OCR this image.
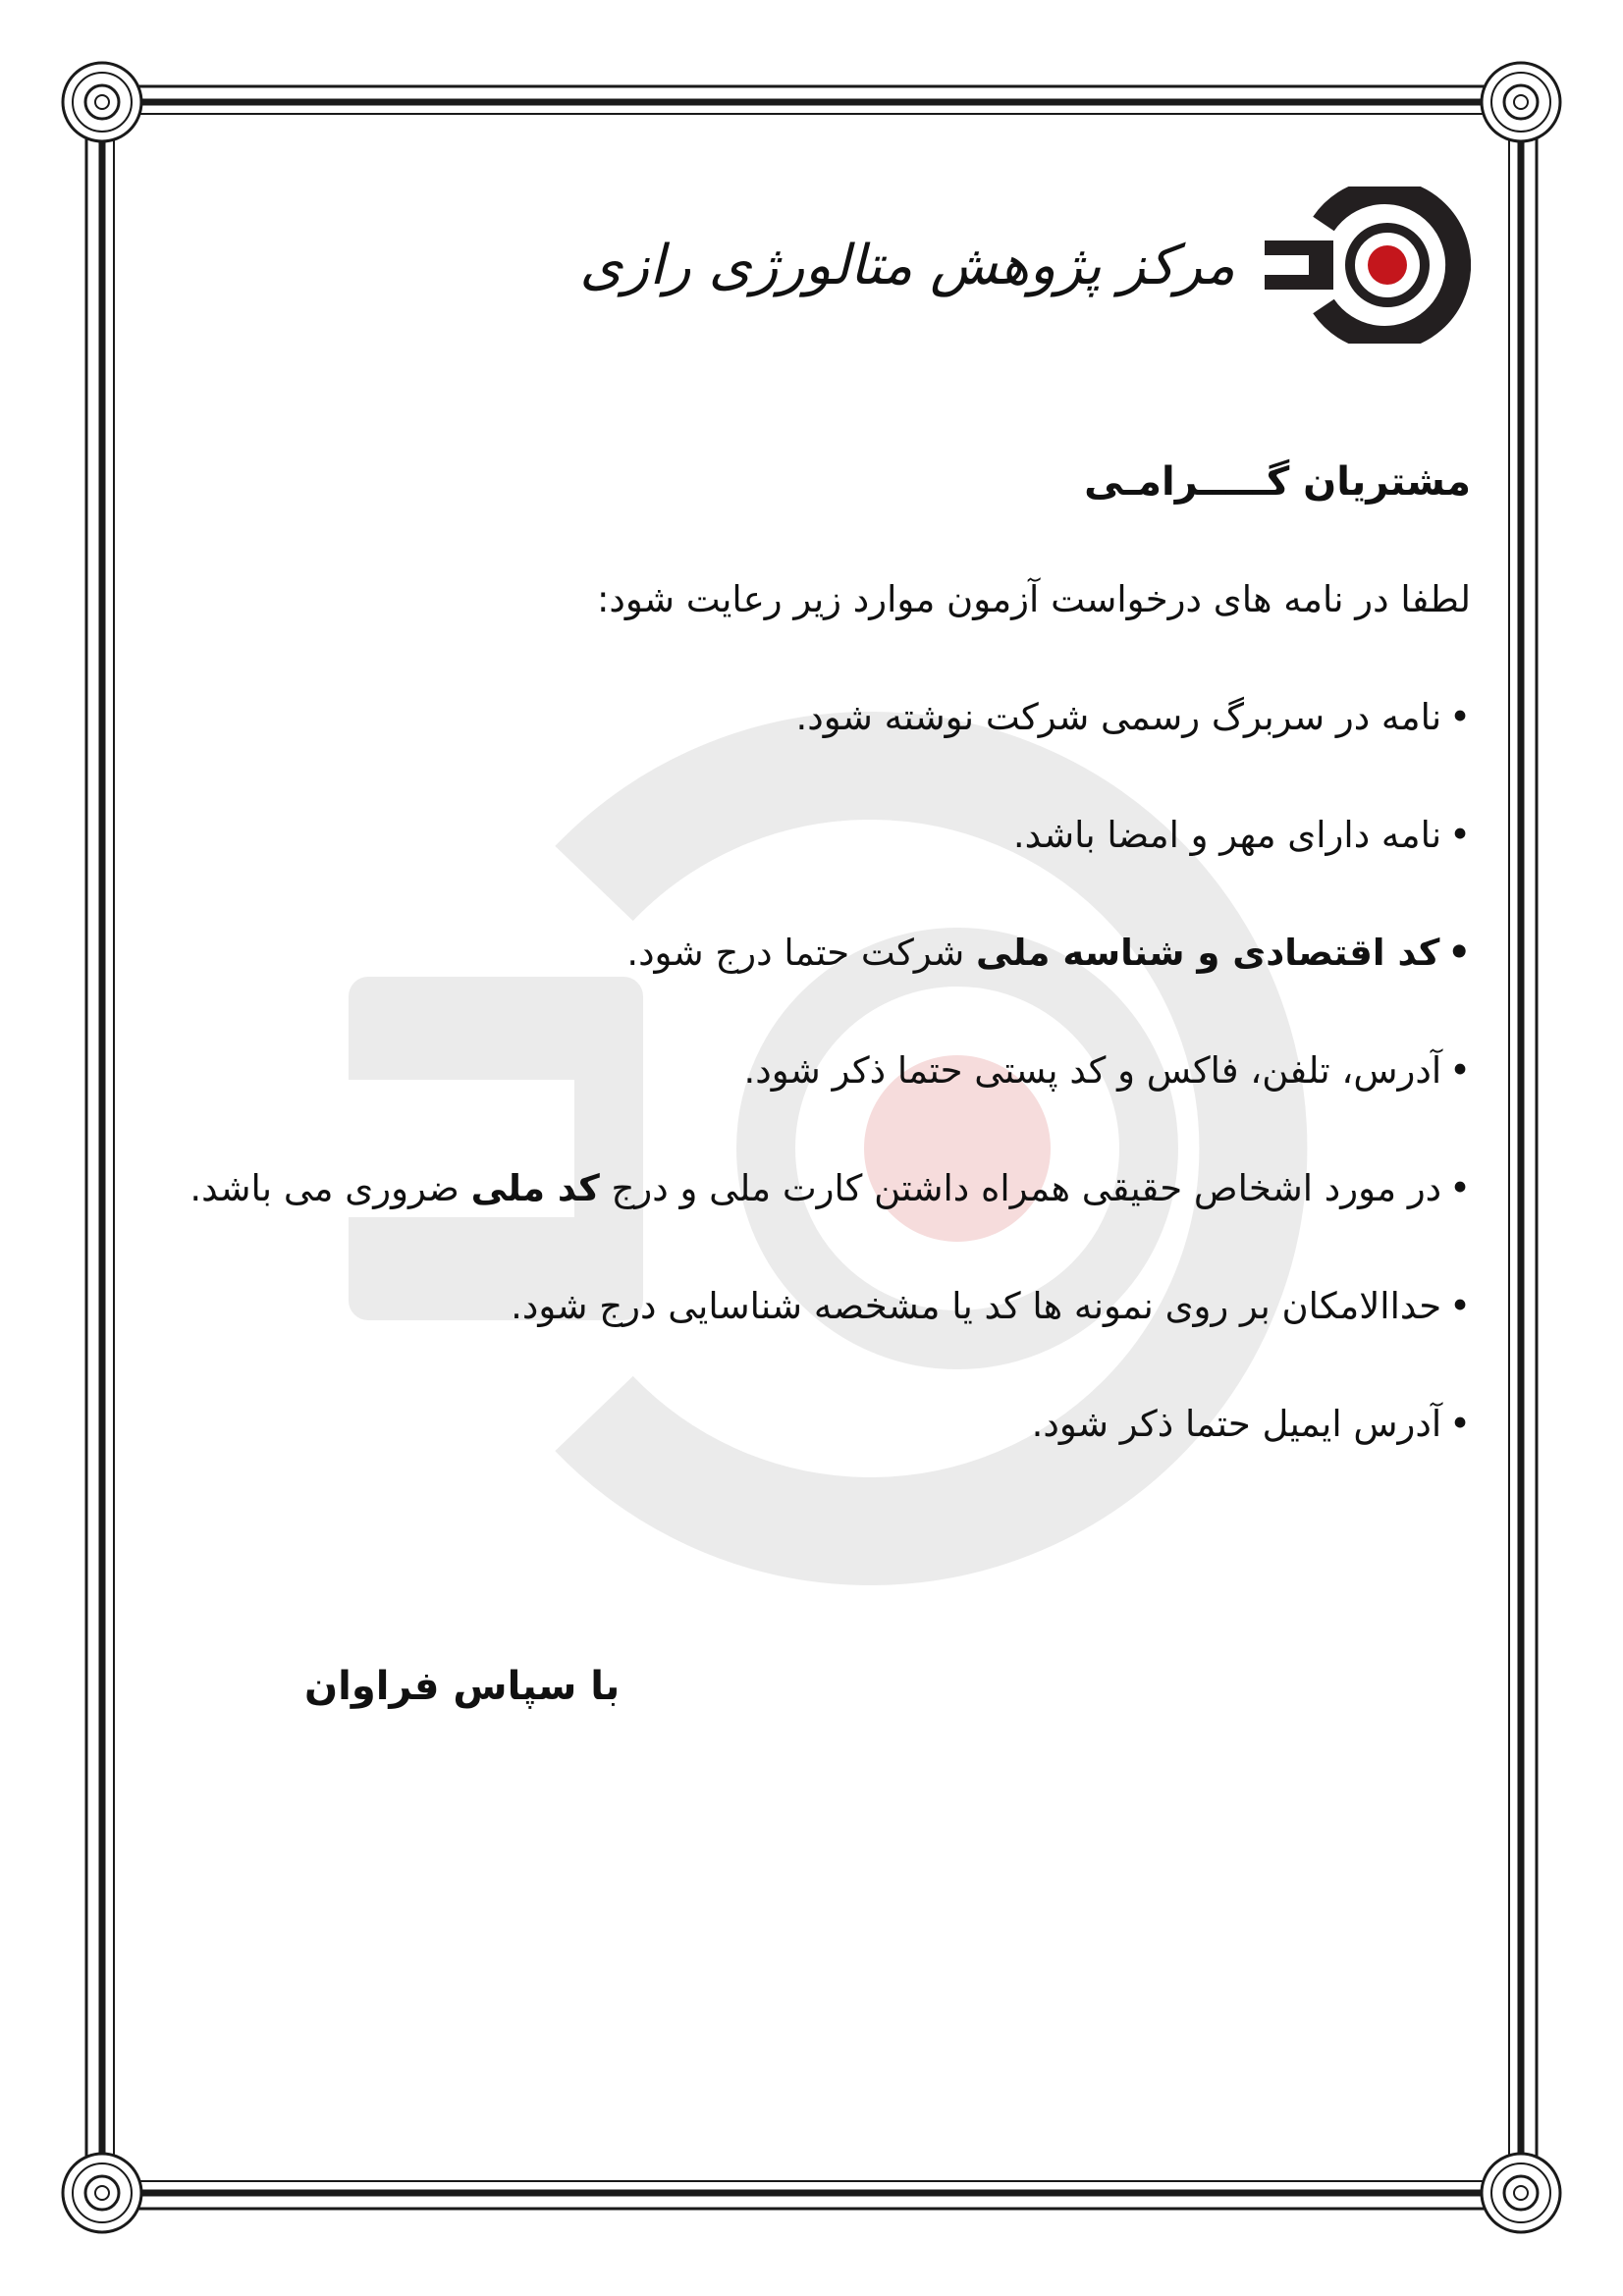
مرکز پژوهش متالورژی رازی
مشتریان گـــــرامـی
لطفا در نامه های درخواست آزمون موارد زیر رعایت شود:
•نامه در سربرگ رسمی شرکت نوشته شود.
•نامه دارای مهر و امضا باشد.
•کد اقتصادی و شناسه ملی شرکت حتما درج شود.
•آدرس، تلفن، فاکس و کد پستی حتما ذکر شود.
•در مورد اشخاص حقیقی همراه داشتن کارت ملی و درج کد ملی ضروری می باشد.
•حداالامکان بر روی نمونه ها کد یا مشخصه شناسایی درج شود.
•آدرس ایمیل حتما ذکر شود.
با سپاس فراوان
